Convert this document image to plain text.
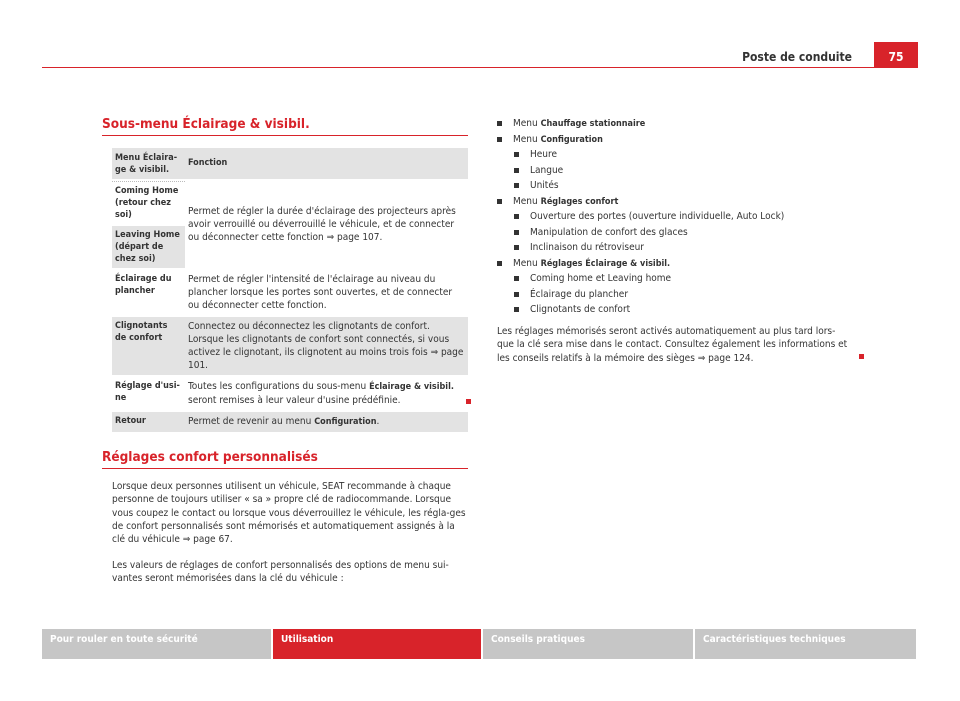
Poste de conduite	75
Sous-menu Éclairage & visibil.
Menu Éclaira-ge & visibil.	Fonction

Coming Home (retour chez soi)	Permet de régler la durée d'éclairage des projecteurs après avoir verrouillé ou déverrouillé le véhicule, et de connecter ou déconnecter cette fonction ⇒ page 107.

Leaving Home (départ de chez soi)	

Éclairage du plancher	Permet de régler l'intensité de l'éclairage au niveau du plancher lorsque les portes sont ouvertes, et de connecter ou déconnecter cette fonction.

Clignotants de confort	Connectez ou déconnectez les clignotants de confort. Lorsque les clignotants de confort sont connectés, si vous activez le clignotant, ils clignotent au moins trois fois ⇒ page 101.

Réglage d'usi-ne	Toutes les configurations du sous-menu Éclairage & visibil. seront remises à leur valeur d'usine prédéfinie.

Retour	Permet de revenir au menu Configuration.
Réglages confort personnalisés
Lorsque deux personnes utilisent un véhicule, SEAT recommande à chaque personne de toujours utiliser « sa » propre clé de radiocommande. Lorsque vous coupez le contact ou lorsque vous déverrouillez le véhicule, les régla-ges de confort personnalisés sont mémorisés et automatiquement assignés à la clé du véhicule ⇒ page 67.
Les valeurs de réglages de confort personnalisés des options de menu sui-vantes seront mémorisées dans la clé du véhicule :
Menu Chauffage stationnaire
Menu Configuration
Heure
Langue
Unités
Menu Réglages confort
Ouverture des portes (ouverture individuelle, Auto Lock)
Manipulation de confort des glaces
Inclinaison du rétroviseur
Menu Réglages Éclairage & visibil.
Coming home et Leaving home
Éclairage du plancher
Clignotants de confort
Les réglages mémorisés seront activés automatiquement au plus tard lors-que la clé sera mise dans le contact. Consultez également les informations et les conseils relatifs à la mémoire des sièges ⇒ page 124.
Pour rouler en toute sécurité	Utilisation	Conseils pratiques	Caractéristiques techniques
